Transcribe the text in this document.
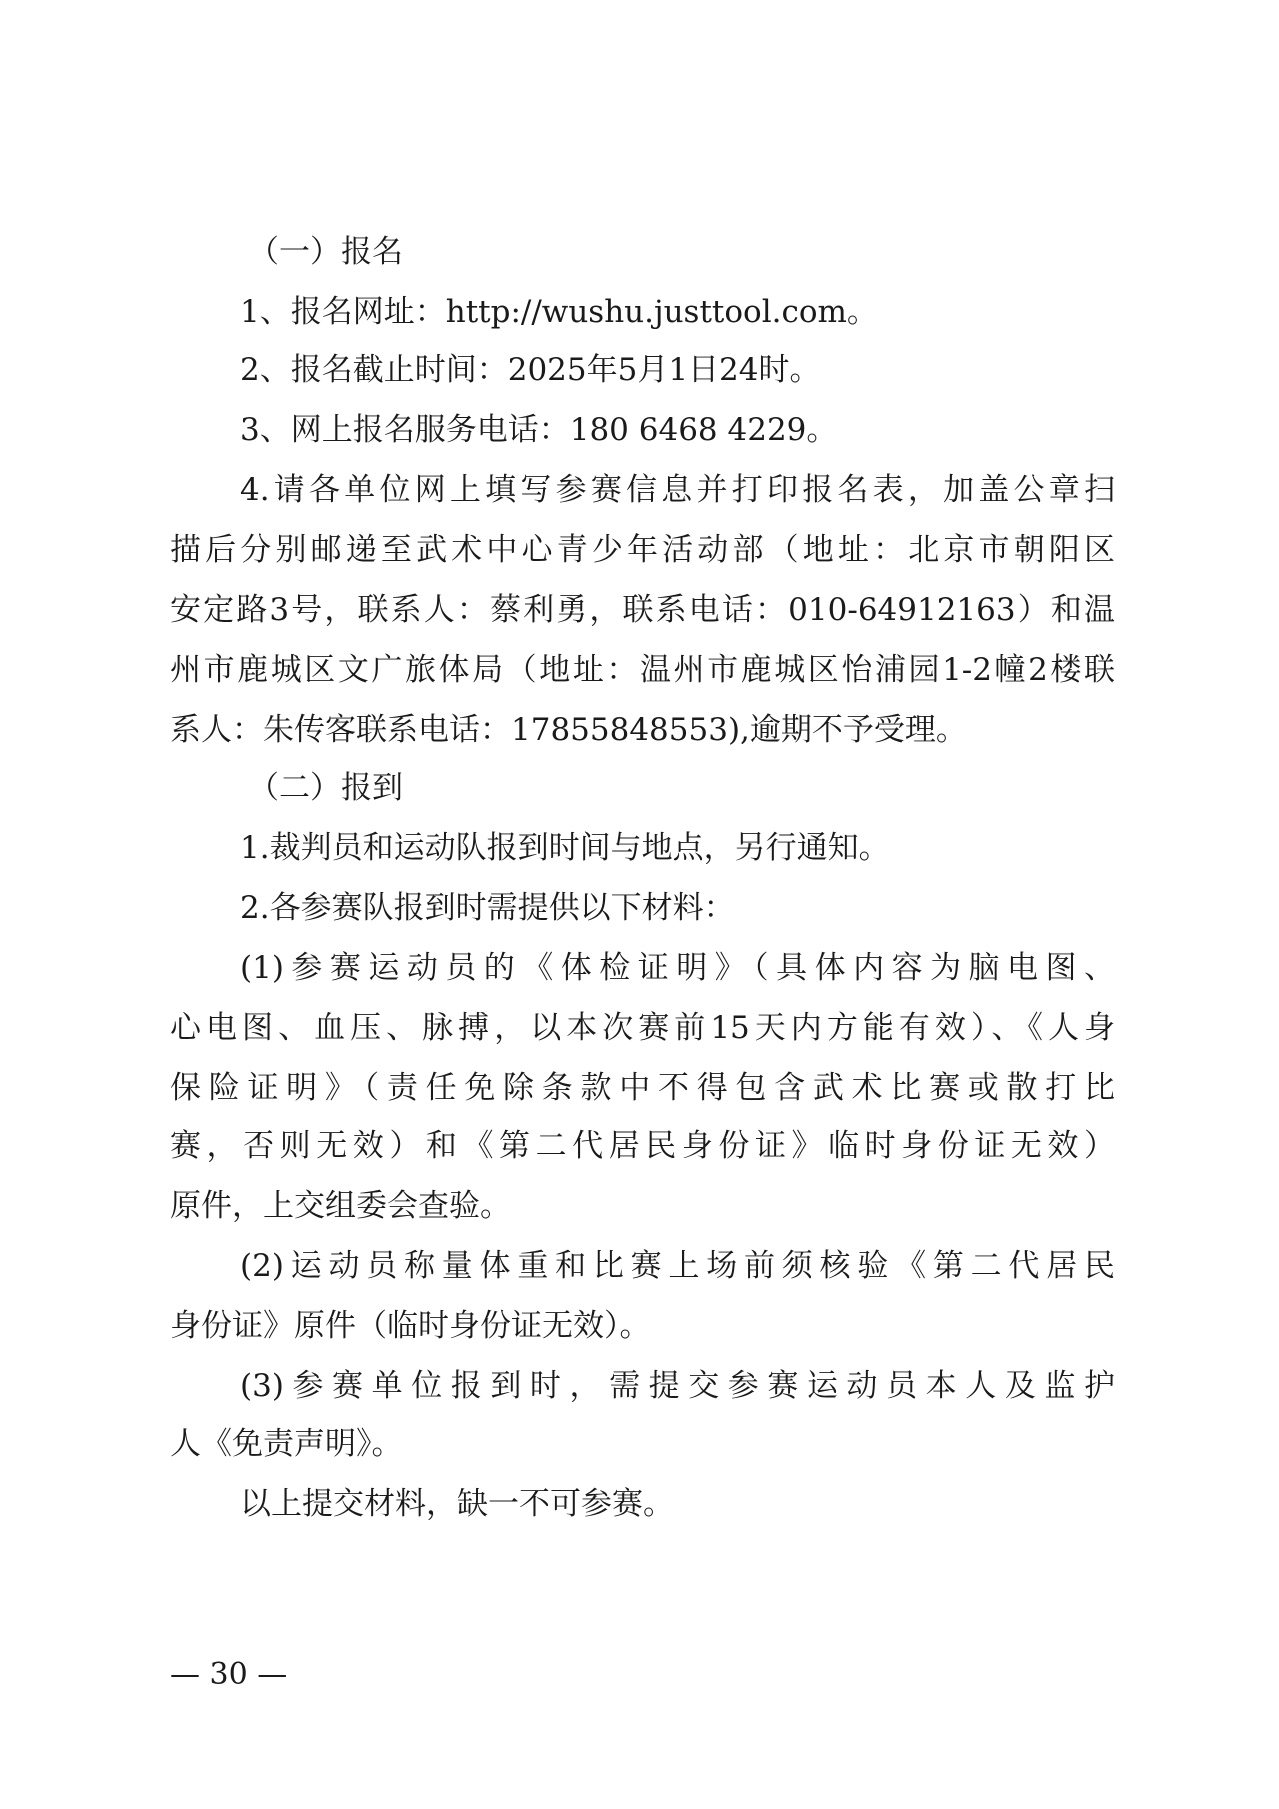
（一）报名
1、报名网址：http://wushu.justtool.com。
2、报名截止时间：2025年5月1日24时。
3、网上报名服务电话：180 6468 4229。
4.请各单位网上填写参赛信息并打印报名表，加盖公章扫
描后分别邮递至武术中心青少年活动部（地址：北京市朝阳区
安定路3号，联系人：蔡利勇，联系电话：010-64912163）和温
州市鹿城区文广旅体局（地址：温州市鹿城区怡浦园1-2幢2楼联
系人：朱传客联系电话：17855848553),逾期不予受理。
（二）报到
1.裁判员和运动队报到时间与地点，另行通知。
2.各参赛队报到时需提供以下材料：
(1)参赛运动员的《体检证明》（具体内容为脑电图、
心电图、血压、脉搏，以本次赛前15天内方能有效）、《人身
保险证明》（责任免除条款中不得包含武术比赛或散打比
赛，否则无效）和《第二代居民身份证》临时身份证无效）
原件，上交组委会查验。
(2)运动员称量体重和比赛上场前须核验《第二代居民
身份证》原件（临时身份证无效）。
(3)参赛单位报到时，需提交参赛运动员本人及监护
人《免责声明》。
以上提交材料，缺一不可参赛。
— 30 —
